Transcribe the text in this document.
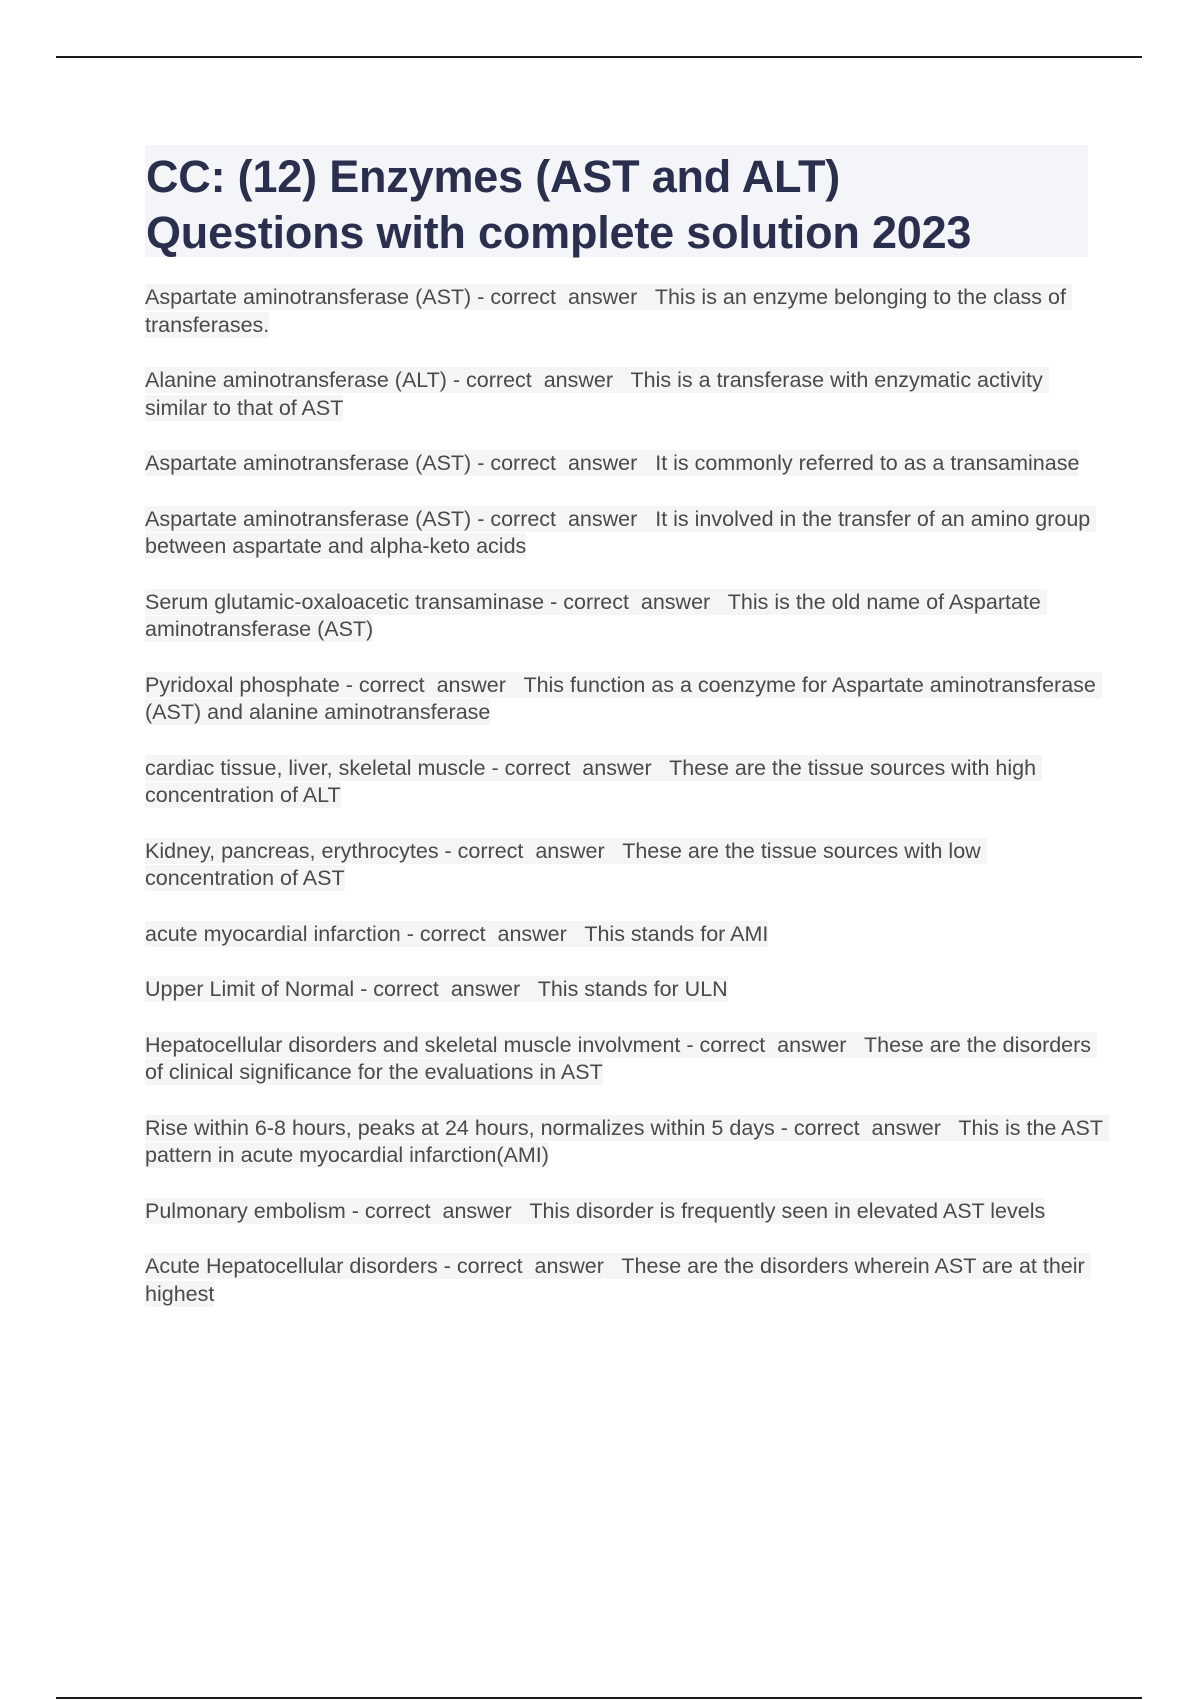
CC: (12) Enzymes (AST and ALT)
Questions with complete solution 2023

Aspartate aminotransferase (AST) - correct  answer   This is an enzyme belonging to the class of transferases.

Alanine aminotransferase (ALT) - correct  answer   This is a transferase with enzymatic activity similar to that of AST

Aspartate aminotransferase (AST) - correct  answer   It is commonly referred to as a transaminase

Aspartate aminotransferase (AST) - correct  answer   It is involved in the transfer of an amino group between aspartate and alpha-keto acids

Serum glutamic-oxaloacetic transaminase - correct  answer   This is the old name of Aspartate aminotransferase (AST)

Pyridoxal phosphate - correct  answer   This function as a coenzyme for Aspartate aminotransferase (AST) and alanine aminotransferase

cardiac tissue, liver, skeletal muscle - correct  answer   These are the tissue sources with high concentration of ALT

Kidney, pancreas, erythrocytes - correct  answer   These are the tissue sources with low concentration of AST

acute myocardial infarction - correct  answer   This stands for AMI

Upper Limit of Normal - correct  answer   This stands for ULN

Hepatocellular disorders and skeletal muscle involvment - correct  answer   These are the disorders of clinical significance for the evaluations in AST

Rise within 6-8 hours, peaks at 24 hours, normalizes within 5 days - correct  answer   This is the AST pattern in acute myocardial infarction(AMI)

Pulmonary embolism - correct  answer   This disorder is frequently seen in elevated AST levels

Acute Hepatocellular disorders - correct  answer   These are the disorders wherein AST are at their highest
